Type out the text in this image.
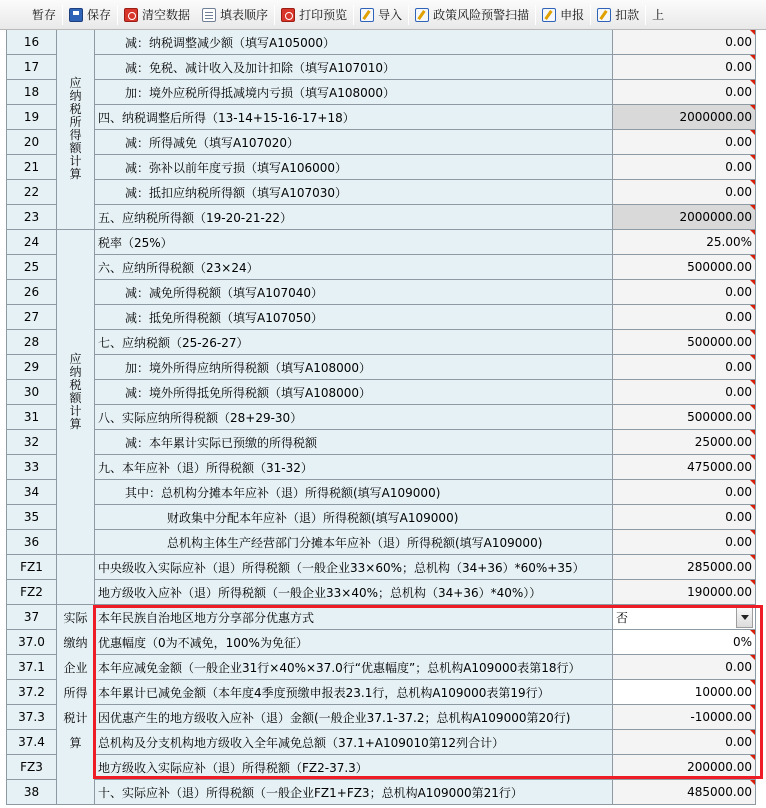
暂存	保存	清空数据	填表顺序	打印预览	导入	政策风险预警扫描	申报	扣款 上
应纳税所得额计算
应纳税额计算
实际
缴纳
企业
所得
税计
算
16	减：纳税调整减少额（填写A105000）	0.00
17	减：免税、减计收入及加计扣除（填写A107010）	0.00
18	加：境外应税所得抵减境内亏损（填写A108000）	0.00
19	四、纳税调整后所得（13-14+15-16-17+18）	2000000.00
20	减：所得减免（填写A107020）	0.00
21	减：弥补以前年度亏损（填写A106000）	0.00
22	减：抵扣应纳税所得额（填写A107030）	0.00
23	五、应纳税所得额（19-20-21-22）	2000000.00
24	税率（25%）	25.00%
25	六、应纳所得税额（23×24）	500000.00
26	减：减免所得税额（填写A107040）	0.00
27	减：抵免所得税额（填写A107050）	0.00
28	七、应纳税额（25-26-27）	500000.00
29	加：境外所得应纳所得税额（填写A108000）	0.00
30	减：境外所得抵免所得税额（填写A108000）	0.00
31	八、实际应纳所得税额（28+29-30）	500000.00
32	减：本年累计实际已预缴的所得税额	25000.00
33	九、本年应补（退）所得税额（31-32）	475000.00
34	其中：总机构分摊本年应补（退）所得税额(填写A109000)	0.00
35	财政集中分配本年应补（退）所得税额(填写A109000)	0.00
36	总机构主体生产经营部门分摊本年应补（退）所得税额(填写A109000)	0.00
FZ1	中央级收入实际应补（退）所得税额（一般企业33×60%；总机构（34+36）*60%+35）	285000.00
FZ2	地方级收入应补（退）所得税额（一般企业33×40%；总机构（34+36）*40%））	190000.00
37	本年民族自治地区地方分享部分优惠方式	否
37.0	优惠幅度（0为不减免，100%为免征）	0%
37.1	本年应减免金额（一般企业31行×40%×37.0行“优惠幅度”；总机构A109000表第18行）	0.00
37.2	本年累计已减免金额（本年度4季度预缴申报表23.1行，总机构A109000表第19行）	10000.00
37.3	因优惠产生的地方级收入应补（退）金额(一般企业37.1-37.2；总机构A109000第20行)	-10000.00
37.4	总机构及分支机构地方级收入全年减免总额（37.1+A109010第12列合计）	0.00
FZ3	地方级收入实际应补（退）所得税额（FZ2-37.3）	200000.00
38	十、实际应补（退）所得税额（一般企业FZ1+FZ3；总机构A109000第21行）	485000.00
